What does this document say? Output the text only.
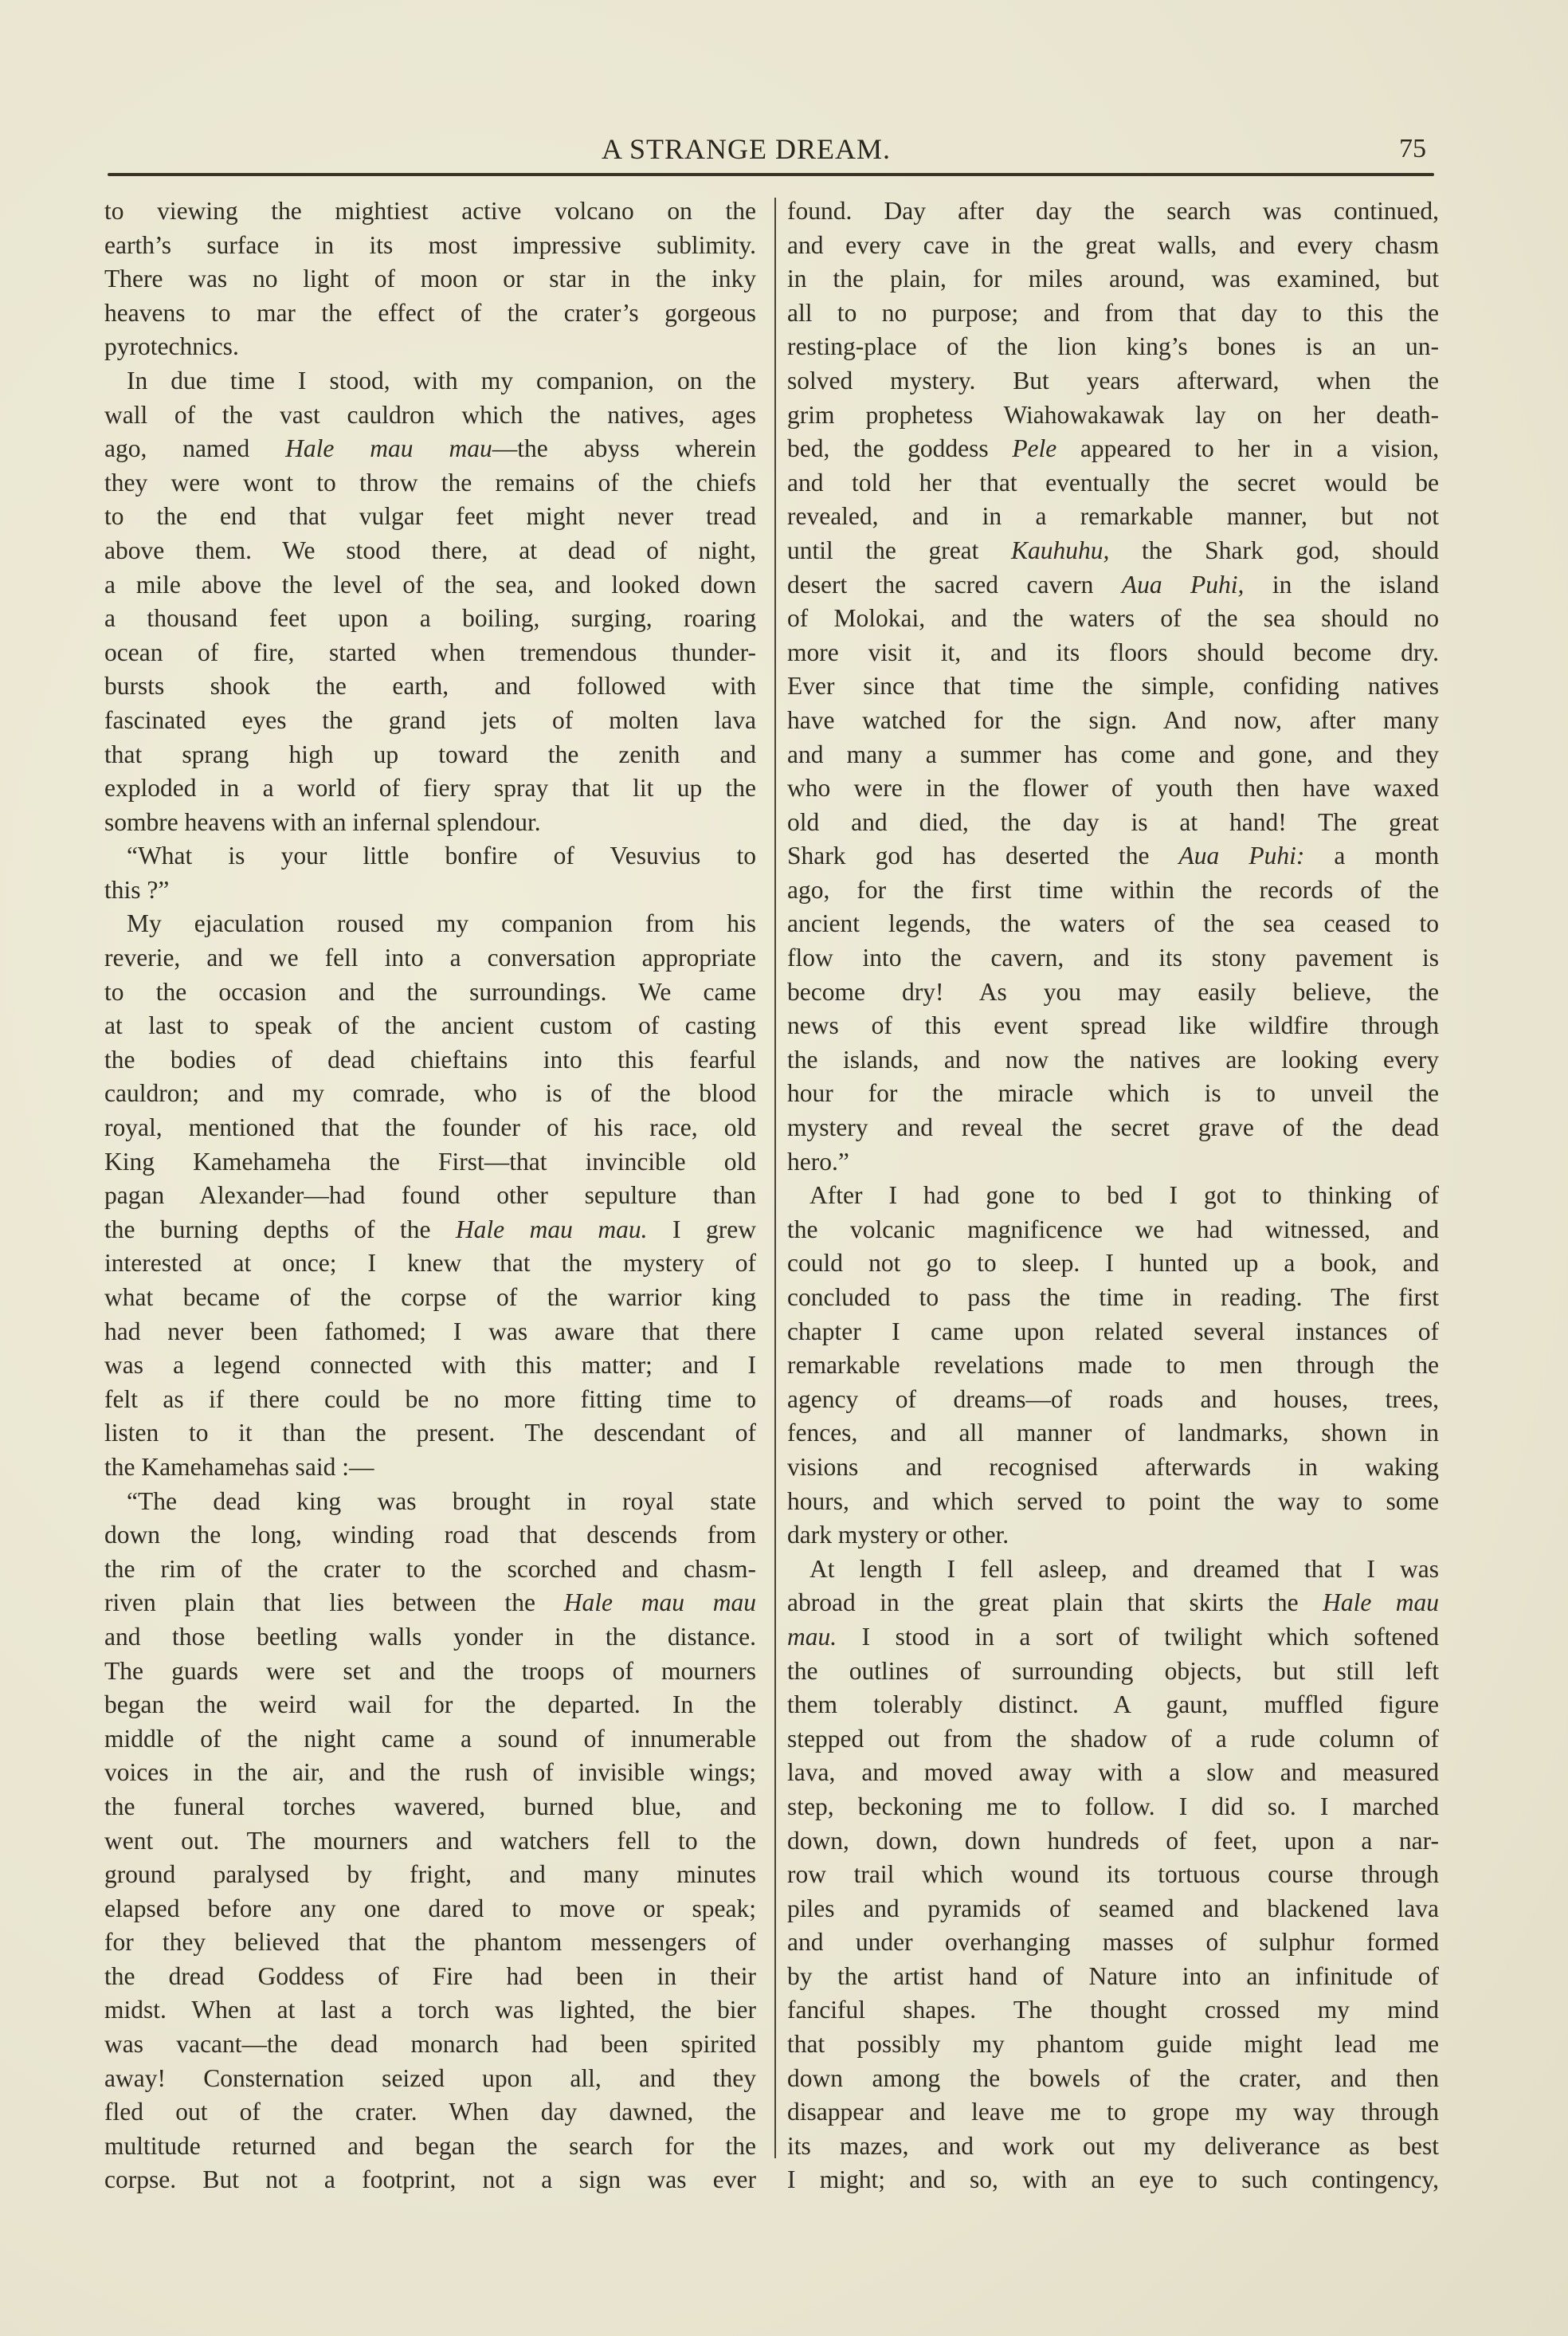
A STRANGE DREAM.	75
to viewing the mightiest active volcano on the
earth’s surface in its most impressive sublimity.
There was no light of moon or star in the inky
heavens to mar the effect of the crater’s gorgeous
pyrotechnics.
In due time I stood, with my companion, on the
wall of the vast cauldron which the natives, ages
ago, named Hale mau mau—the abyss wherein
they were wont to throw the remains of the chiefs
to the end that vulgar feet might never tread
above them. We stood there, at dead of night,
a mile above the level of the sea, and looked down
a thousand feet upon a boiling, surging, roaring
ocean of fire, started when tremendous thunder-
bursts shook the earth, and followed with
fascinated eyes the grand jets of molten lava
that sprang high up toward the zenith and
exploded in a world of fiery spray that lit up the
sombre heavens with an infernal splendour.
“What is your little bonfire of Vesuvius to
this ?”
My ejaculation roused my companion from his
reverie, and we fell into a conversation appropriate
to the occasion and the surroundings. We came
at last to speak of the ancient custom of casting
the bodies of dead chieftains into this fearful
cauldron; and my comrade, who is of the blood
royal, mentioned that the founder of his race, old
King Kamehameha the First—that invincible old
pagan Alexander—had found other sepulture than
the burning depths of the Hale mau mau. I grew
interested at once; I knew that the mystery of
what became of the corpse of the warrior king
had never been fathomed; I was aware that there
was a legend connected with this matter; and I
felt as if there could be no more fitting time to
listen to it than the present. The descendant of
the Kamehamehas said :—
“The dead king was brought in royal state
down the long, winding road that descends from
the rim of the crater to the scorched and chasm-
riven plain that lies between the Hale mau mau
and those beetling walls yonder in the distance.
The guards were set and the troops of mourners
began the weird wail for the departed. In the
middle of the night came a sound of innumerable
voices in the air, and the rush of invisible wings;
the funeral torches wavered, burned blue, and
went out. The mourners and watchers fell to the
ground paralysed by fright, and many minutes
elapsed before any one dared to move or speak;
for they believed that the phantom messengers of
the dread Goddess of Fire had been in their
midst. When at last a torch was lighted, the bier
was vacant—the dead monarch had been spirited
away! Consternation seized upon all, and they
fled out of the crater. When day dawned, the
multitude returned and began the search for the
corpse. But not a footprint, not a sign was ever
found. Day after day the search was continued,
and every cave in the great walls, and every chasm
in the plain, for miles around, was examined, but
all to no purpose; and from that day to this the
resting-place of the lion king’s bones is an un-
solved mystery. But years afterward, when the
grim prophetess Wiahowakawak lay on her death-
bed, the goddess Pele appeared to her in a vision,
and told her that eventually the secret would be
revealed, and in a remarkable manner, but not
until the great Kauhuhu, the Shark god, should
desert the sacred cavern Aua Puhi, in the island
of Molokai, and the waters of the sea should no
more visit it, and its floors should become dry.
Ever since that time the simple, confiding natives
have watched for the sign. And now, after many
and many a summer has come and gone, and they
who were in the flower of youth then have waxed
old and died, the day is at hand! The great
Shark god has deserted the Aua Puhi: a month
ago, for the first time within the records of the
ancient legends, the waters of the sea ceased to
flow into the cavern, and its stony pavement is
become dry! As you may easily believe, the
news of this event spread like wildfire through
the islands, and now the natives are looking every
hour for the miracle which is to unveil the
mystery and reveal the secret grave of the dead
hero.”
After I had gone to bed I got to thinking of
the volcanic magnificence we had witnessed, and
could not go to sleep. I hunted up a book, and
concluded to pass the time in reading. The first
chapter I came upon related several instances of
remarkable revelations made to men through the
agency of dreams—of roads and houses, trees,
fences, and all manner of landmarks, shown in
visions and recognised afterwards in waking
hours, and which served to point the way to some
dark mystery or other.
At length I fell asleep, and dreamed that I was
abroad in the great plain that skirts the Hale mau
mau. I stood in a sort of twilight which softened
the outlines of surrounding objects, but still left
them tolerably distinct. A gaunt, muffled figure
stepped out from the shadow of a rude column of
lava, and moved away with a slow and measured
step, beckoning me to follow. I did so. I marched
down, down, down hundreds of feet, upon a nar-
row trail which wound its tortuous course through
piles and pyramids of seamed and blackened lava
and under overhanging masses of sulphur formed
by the artist hand of Nature into an infinitude of
fanciful shapes. The thought crossed my mind
that possibly my phantom guide might lead me
down among the bowels of the crater, and then
disappear and leave me to grope my way through
its mazes, and work out my deliverance as best
I might; and so, with an eye to such contingency,
